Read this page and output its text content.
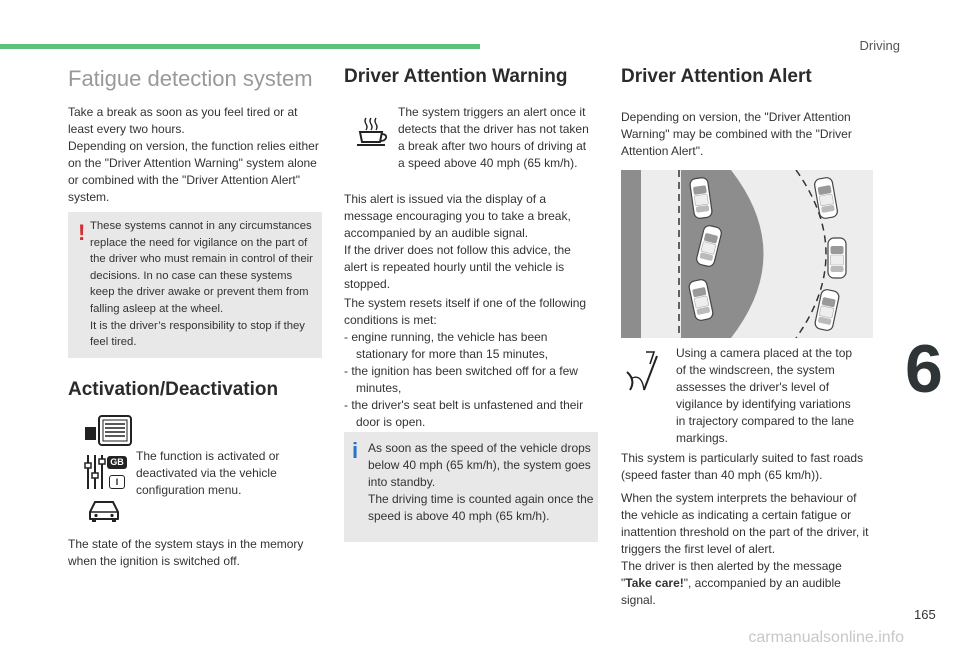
Driving
6
165
Fatigue detection system
Take a break as soon as you feel tired or at
least every two hours.
Depending on version, the function relies either
on the "Driver Attention Warning" system alone
or combined with the "Driver Attention Alert"
system.
! These systems cannot in any circumstances
replace the need for vigilance on the part of
the driver who must remain in control of their
decisions. In no case can these systems
keep the driver awake or prevent them from
falling asleep at the wheel.
It is the driver’s responsibility to stop if they
feel tired.
Activation/Deactivation
GB
I
The function is activated or
deactivated via the vehicle
configuration menu.
The state of the system stays in the memory
when the ignition is switched off.
Driver Attention Warning
The system triggers an alert once it
detects that the driver has not taken
a break after two hours of driving at
a speed above 40 mph (65 km/h).
This alert is issued via the display of a
message encouraging you to take a break,
accompanied by an audible signal.
If the driver does not follow this advice, the
alert is repeated hourly until the vehicle is
stopped.
The system resets itself if one of the following
conditions is met:
- engine running, the vehicle has been
stationary for more than 15 minutes,
- the ignition has been switched off for a few
minutes,
- the driver's seat belt is unfastened and their
door is open.
i As soon as the speed of the vehicle drops
below 40 mph (65 km/h), the system goes
into standby.
The driving time is counted again once the
speed is above 40 mph (65 km/h).
Driver Attention Alert
Depending on version, the "Driver Attention
Warning" may be combined with the "Driver
Attention Alert".
Using a camera placed at the top
of the windscreen, the system
assesses the driver's level of
vigilance by identifying variations
in trajectory compared to the lane
markings.
This system is particularly suited to fast roads
(speed faster than 40 mph (65 km/h)).
When the system interprets the behaviour of
the vehicle as indicating a certain fatigue or
inattention threshold on the part of the driver, it
triggers the first level of alert.
The driver is then alerted by the message
"Take care!", accompanied by an audible
signal.
carmanualsonline.info
